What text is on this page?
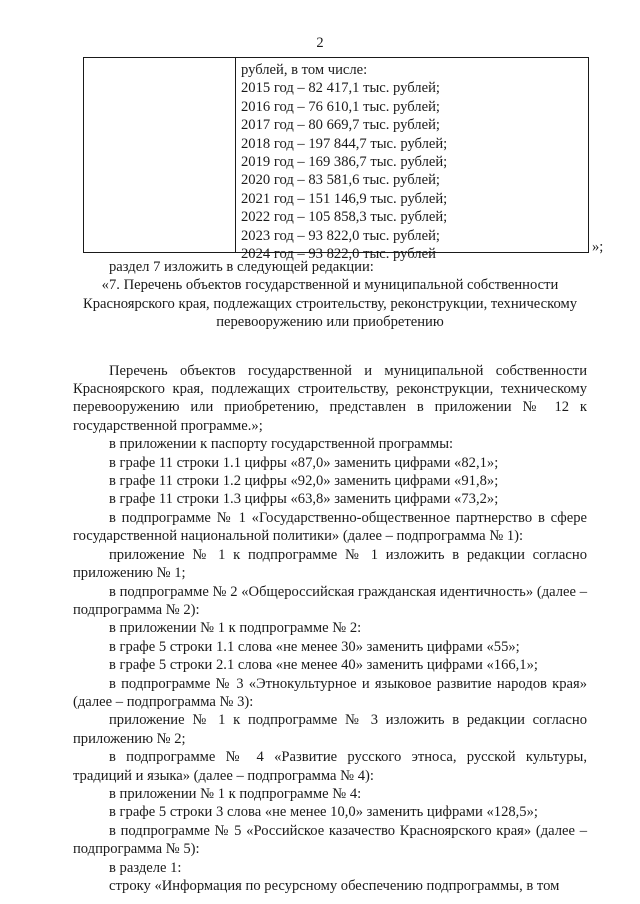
2
рублей, в том числе:
2015 год – 82 417,1 тыс. рублей;
2016 год – 76 610,1 тыс. рублей;
2017 год – 80 669,7 тыс. рублей;
2018 год – 197 844,7 тыс. рублей;
2019 год – 169 386,7 тыс. рублей;
2020 год – 83 581,6 тыс. рублей;
2021 год – 151 146,9 тыс. рублей;
2022 год – 105 858,3 тыс. рублей;
2023 год – 93 822,0 тыс. рублей;
2024 год – 93 822,0 тыс. рублей	»;

раздел 7 изложить в следующей редакции:

«7. Перечень объектов государственной и муниципальной собственности Красноярского края, подлежащих строительству, реконструкции, техническому перевооружению или приобретению

Перечень объектов государственной и муниципальной собственности Красноярского края, подлежащих строительству, реконструкции, техническому перевооружению или приобретению, представлен в приложении № 12 к государственной программе.»;

в приложении к паспорту государственной программы:

в графе 11 строки 1.1 цифры «87,0» заменить цифрами «82,1»;

в графе 11 строки 1.2 цифры «92,0» заменить цифрами «91,8»;

в графе 11 строки 1.3 цифры «63,8» заменить цифрами «73,2»;

в подпрограмме № 1 «Государственно-общественное партнерство в сфере государственной национальной политики» (далее – подпрограмма № 1):

приложение № 1 к подпрограмме № 1 изложить в редакции согласно приложению № 1;

в подпрограмме № 2 «Общероссийская гражданская идентичность» (далее – подпрограмма № 2):

в приложении № 1 к подпрограмме № 2:

в графе 5 строки 1.1 слова «не менее 30» заменить цифрами «55»;

в графе 5 строки 2.1 слова «не менее 40» заменить цифрами «166,1»;

в подпрограмме № 3 «Этнокультурное и языковое развитие народов края» (далее – подпрограмма № 3):

приложение № 1 к подпрограмме № 3 изложить в редакции согласно приложению № 2;

в подпрограмме № 4 «Развитие русского этноса, русской культуры, традиций и языка» (далее – подпрограмма № 4):

в приложении № 1 к подпрограмме № 4:

в графе 5 строки 3 слова «не менее 10,0» заменить цифрами «128,5»;

в подпрограмме № 5 «Российское казачество Красноярского края» (далее – подпрограмма № 5):

в разделе 1:

строку «Информация по ресурсному обеспечению подпрограммы, в том
